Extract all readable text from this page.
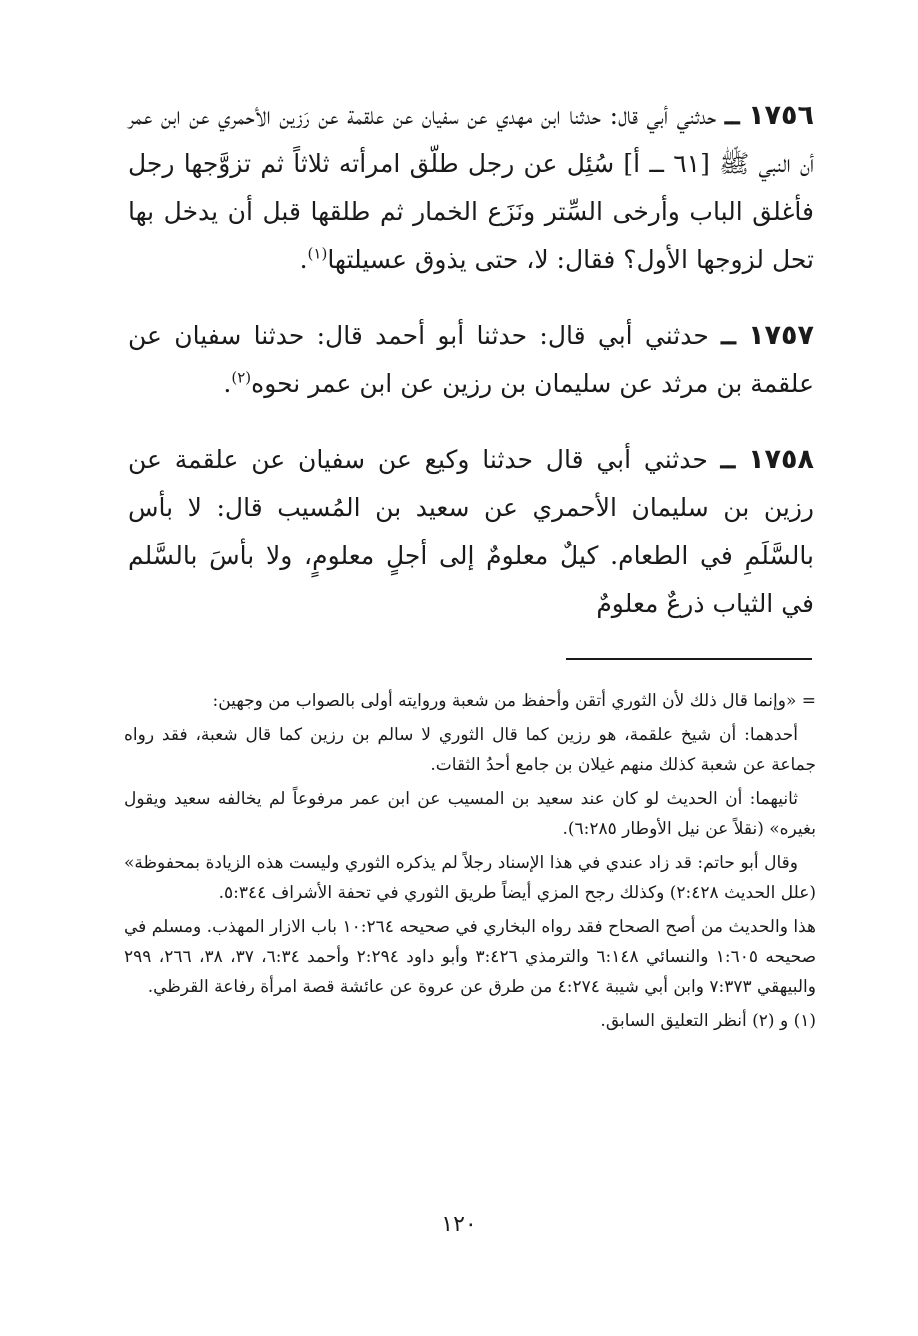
١٧٥٦ ــ حدثني أبي قال: حدثنا ابن مهدي عن سفيان عن علقمة عن رَزين الأحمري عن ابن عمر أن النبي ﷺ [٦١ ــ أ] سُئِل عن رجل طلّق امرأته ثلاثاً ثم تزوَّجها رجل فأغلق الباب وأرخى السِّتر ونَزَع الخمار ثم طلقها قبل أن يدخل بها تحل لزوجها الأول؟ فقال: لا، حتى يذوق عسيلتها$^{(١)}$.

١٧٥٧ ــ حدثني أبي قال: حدثنا أبو أحمد قال: حدثنا سفيان عن علقمة بن مرثد عن سليمان بن رزين عن ابن عمر نحوه$^{(٢)}$.

١٧٥٨ ــ حدثني أبي قال حدثنا وكيع عن سفيان عن علقمة عن رزين بن سليمان الأحمري عن سعيد بن المُسيب قال: لا بأس بالسَّلَمِ في الطعام. كيلٌ معلومٌ إلى أجلٍ معلومٍ، ولا بأسَ بالسَّلم في الثياب ذرعٌ معلومٌ

= «وإنما قال ذلك لأن الثوري أتقن وأحفظ من شعبة وروايته أولى بالصواب من وجهين:

أحدهما: أن شيخ علقمة، هو رزين كما قال الثوري لا سالم بن رزين كما قال شعبة، فقد رواه جماعة عن شعبة كذلك منهم غيلان بن جامع أحدُ الثقات.

ثانيهما: أن الحديث لو كان عند سعيد بن المسيب عن ابن عمر مرفوعاً لم يخالفه سعيد ويقول بغيره» (نقلاً عن نيل الأوطار ٦:٢٨٥).

وقال أبو حاتم: قد زاد عندي في هذا الإسناد رجلاً لم يذكره الثوري وليست هذه الزيادة بمحفوظة» (علل الحديث ٢:٤٢٨) وكذلك رجح المزي أيضاً طريق الثوري في تحفة الأشراف ٥:٣٤٤.

هذا والحديث من أصح الصحاح فقد رواه البخاري في صحيحه ١٠:٢٦٤ باب الازار المهذب. ومسلم في صحيحه ١:٦٠٥ والنسائي ٦:١٤٨ والترمذي ٣:٤٢٦ وأبو داود ٢:٢٩٤ وأحمد ٦:٣٤، ٣٧، ٣٨، ٢٦٦، ٢٩٩ والبيهقي ٧:٣٧٣ وابن أبي شيبة ٤:٢٧٤ من طرق عن عروة عن عائشة قصة امرأة رفاعة القرظي.

(١) و (٢) أنظر التعليق السابق.

١٢٠
